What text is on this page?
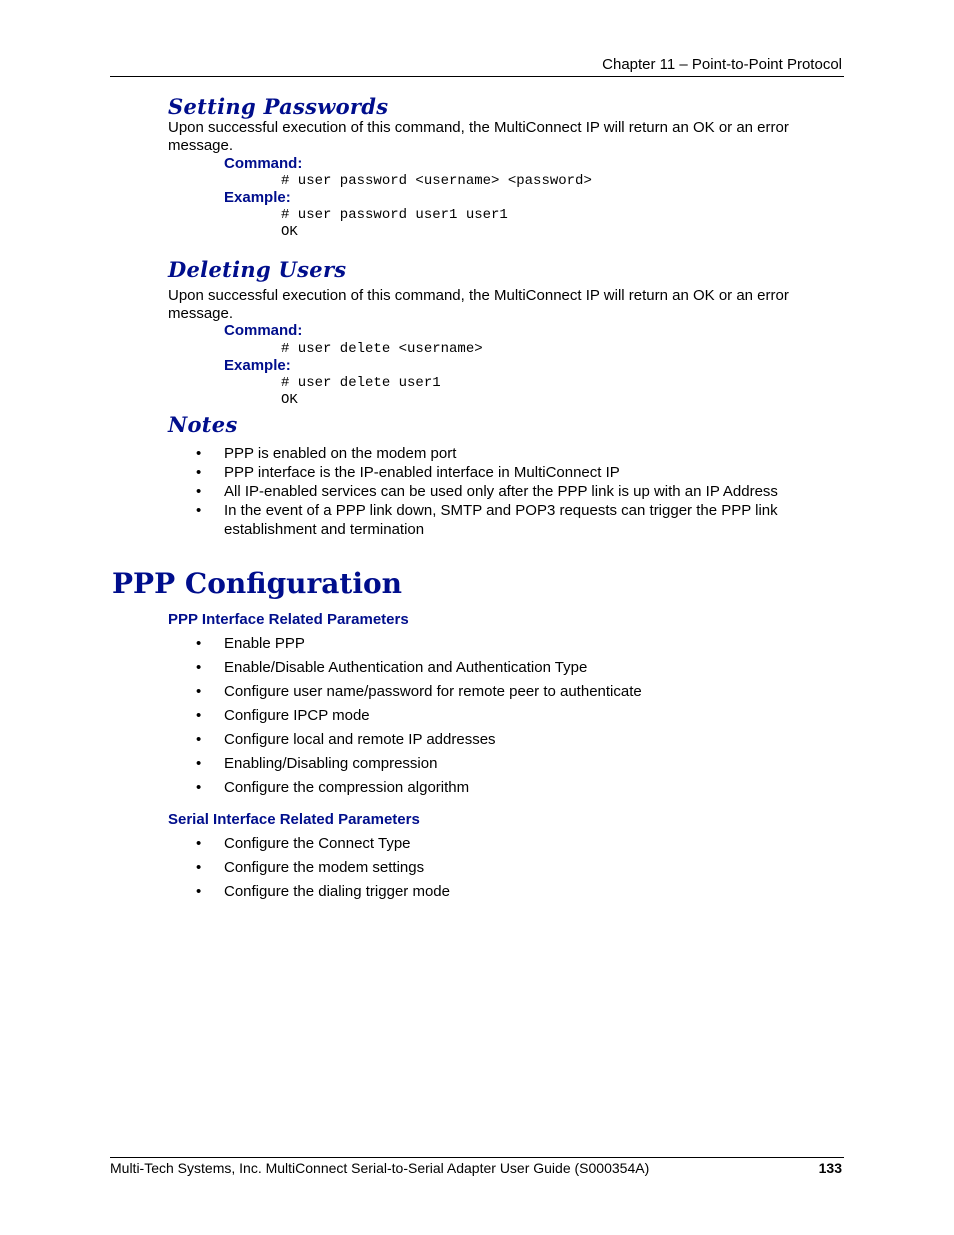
Chapter 11 – Point-to-Point Protocol
Setting Passwords
Upon successful execution of this command, the MultiConnect IP will return an OK or an error message.
Command:
# user password <username> <password>
Example:
# user password user1 user1
OK
Deleting Users
Upon successful execution of this command, the MultiConnect IP will return an OK or an error message.
Command:
# user delete <username>
Example:
# user delete user1
OK
Notes
• PPP is enabled on the modem port
• PPP interface is the IP-enabled interface in MultiConnect IP
• All IP-enabled services can be used only after the PPP link is up with an IP Address
• In the event of a PPP link down, SMTP and POP3 requests can trigger the PPP link establishment and termination
PPP Configuration
PPP Interface Related Parameters
• Enable PPP
• Enable/Disable Authentication and Authentication Type
• Configure user name/password for remote peer to authenticate
• Configure IPCP mode
• Configure local and remote IP addresses
• Enabling/Disabling compression
• Configure the compression algorithm
Serial Interface Related Parameters
• Configure the Connect Type
• Configure the modem settings
• Configure the dialing trigger mode
Multi-Tech Systems, Inc. MultiConnect Serial-to-Serial Adapter User Guide (S000354A)	133
